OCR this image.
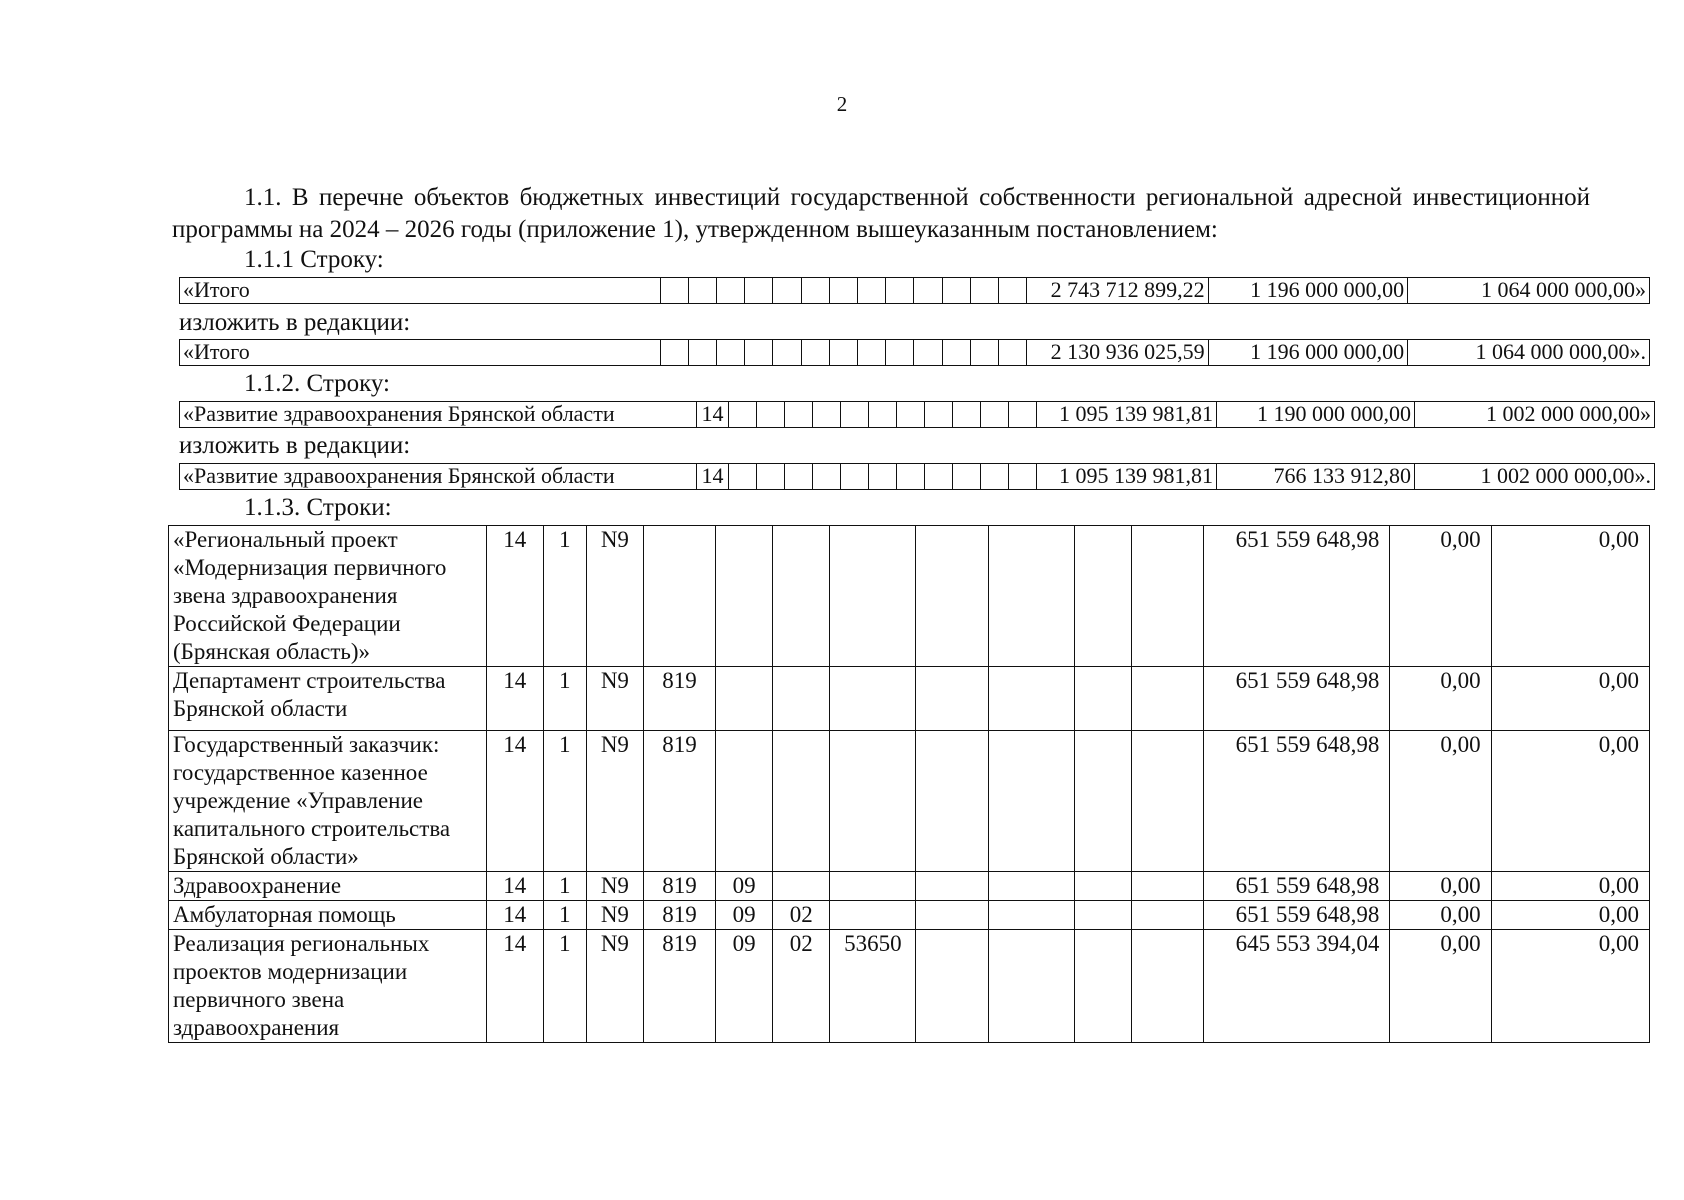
2

1.1. В перечне объектов бюджетных инвестиций государственной собственности региональной адресной инвестиционной программы на 2024 – 2026 годы (приложение 1), утвержденном вышеуказанным постановлением:

1.1.1 Строку:
«Итого														2 743 712 899,22	1 196 000 000,00	1 064 000 000,00»
изложить в редакции:
«Итого														2 130 936 025,59	1 196 000 000,00	1 064 000 000,00».
1.1.2. Строку:
«Развитие здравоохранения Брянской области	14												1 095 139 981,81	1 190 000 000,00	1 002 000 000,00»
изложить в редакции:
«Развитие здравоохранения Брянской области	14												1 095 139 981,81	766 133 912,80	1 002 000 000,00».
1.1.3. Строки:
«Региональный проект «Модернизация первичного звена здравоохранения Российской Федерации (Брянская область)»	14	1	N9									651 559 648,98	0,00	0,00
Департамент строительства Брянской области	14	1	N9	819								651 559 648,98	0,00	0,00
Государственный заказчик: государственное казенное учреждение «Управление капитального строительства Брянской области»	14	1	N9	819								651 559 648,98	0,00	0,00
Здравоохранение	14	1	N9	819	09							651 559 648,98	0,00	0,00
Амбулаторная помощь	14	1	N9	819	09	02						651 559 648,98	0,00	0,00
Реализация региональных проектов модернизации первичного звена здравоохранения	14	1	N9	819	09	02	53650					645 553 394,04	0,00	0,00
